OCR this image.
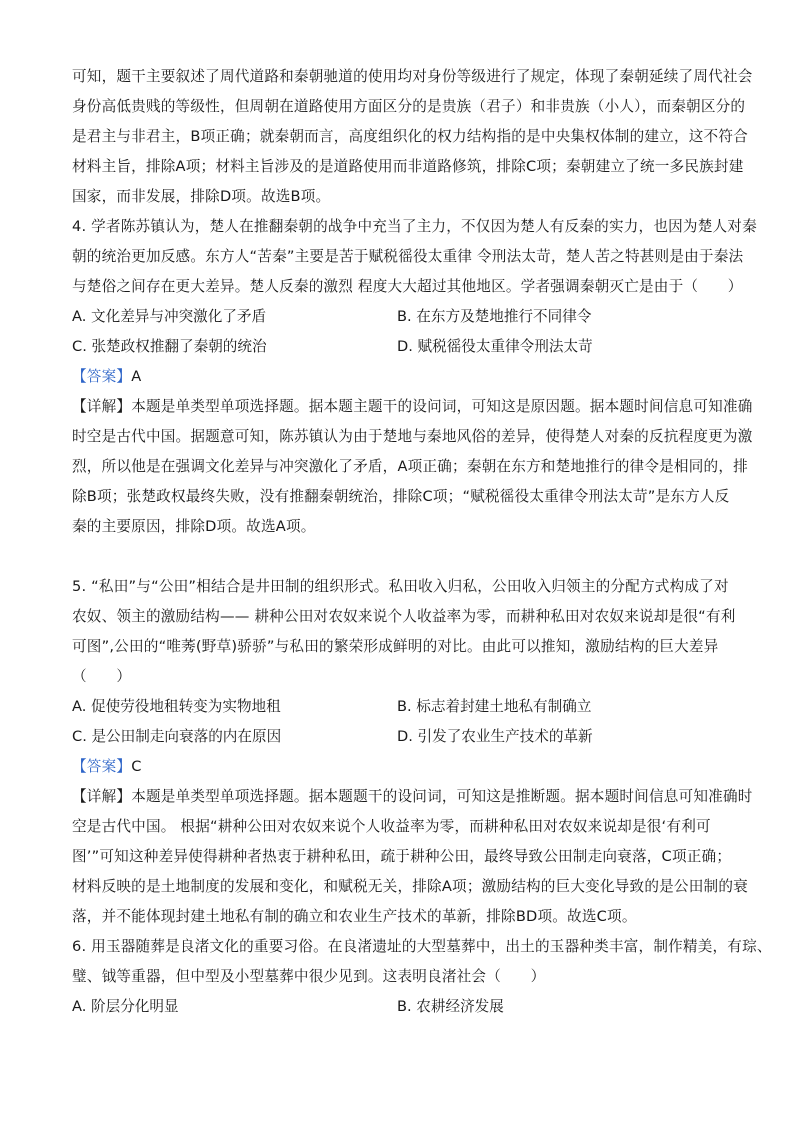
可知，题干主要叙述了周代道路和秦朝驰道的使用均对身份等级进行了规定，体现了秦朝延续了周代社会
身份高低贵贱的等级性，但周朝在道路使用方面区分的是贵族（君子）和非贵族（小人），而秦朝区分的
是君主与非君主，B项正确；就秦朝而言，高度组织化的权力结构指的是中央集权体制的建立，这不符合
材料主旨，排除A项；材料主旨涉及的是道路使用而非道路修筑，排除C项；秦朝建立了统一多民族封建
国家，而非发展，排除D项。故选B项。
4. 学者陈苏镇认为，楚人在推翻秦朝的战争中充当了主力，不仅因为楚人有反秦的实力，也因为楚人对秦
朝的统治更加反感。东方人“苦秦”主要是苦于赋税徭役太重律 令刑法太苛，楚人苦之特甚则是由于秦法
与楚俗之间存在更大差异。楚人反秦的激烈 程度大大超过其他地区。学者强调秦朝灭亡是由于（　　）
A. 文化差异与冲突激化了矛盾	B. 在东方及楚地推行不同律令
C. 张楚政权推翻了秦朝的统治	D. 赋税徭役太重律令刑法太苛
【答案】A
【详解】本题是单类型单项选择题。据本题主题干的设问词，可知这是原因题。据本题时间信息可知准确
时空是古代中国。据题意可知，陈苏镇认为由于楚地与秦地风俗的差异，使得楚人对秦的反抗程度更为激
烈，所以他是在强调文化差异与冲突激化了矛盾，A项正确；秦朝在东方和楚地推行的律令是相同的，排
除B项；张楚政权最终失败，没有推翻秦朝统治，排除C项；“赋税徭役太重律令刑法太苛”是东方人反
秦的主要原因，排除D项。故选A项。
5. “私田”与“公田”相结合是井田制的组织形式。私田收入归私，公田收入归领主的分配方式构成了对
农奴、领主的激励结构—— 耕种公田对农奴来说个人收益率为零，而耕种私田对农奴来说却是很“有利
可图”,公田的“唯莠(野草)骄骄”与私田的繁荣形成鲜明的对比。由此可以推知，激励结构的巨大差异
（　　）
A. 促使劳役地租转变为实物地租	B. 标志着封建土地私有制确立
C. 是公田制走向衰落的内在原因	D. 引发了农业生产技术的革新
【答案】C
【详解】本题是单类型单项选择题。据本题题干的设问词，可知这是推断题。据本题时间信息可知准确时
空是古代中国。 根据“耕种公田对农奴来说个人收益率为零，而耕种私田对农奴来说却是很‘有利可
图’”可知这种差异使得耕种者热衷于耕种私田，疏于耕种公田，最终导致公田制走向衰落，C项正确；
材料反映的是土地制度的发展和变化，和赋税无关，排除A项；激励结构的巨大变化导致的是公田制的衰
落，并不能体现封建土地私有制的确立和农业生产技术的革新，排除BD项。故选C项。
6. 用玉器随葬是良渚文化的重要习俗。在良渚遗址的大型墓葬中，出土的玉器种类丰富，制作精美，有琮、
璧、钺等重器，但中型及小型墓葬中很少见到。这表明良渚社会（　　）
A. 阶层分化明显	B. 农耕经济发展
